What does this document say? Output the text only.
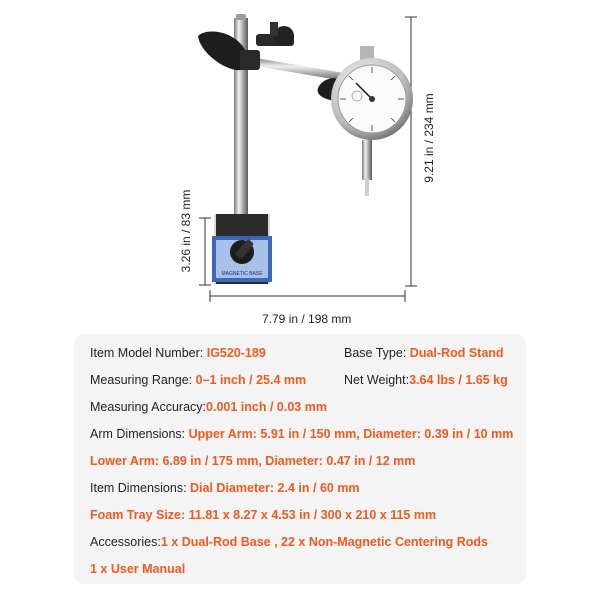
MAGNETIC BASE
7.79 in / 198 mm
9.21 in / 234 mm
3.26 in / 83 mm
Item Model Number: IG520-189	Base Type: Dual-Rod Stand
Measuring Range: 0–1 inch / 25.4 mm	Net Weight:3.64 lbs / 1.65 kg
Measuring Accuracy:0.001 inch / 0.03 mm
Arm Dimensions: Upper Arm: 5.91 in / 150 mm, Diameter: 0.39 in / 10 mm
Lower Arm: 6.89 in / 175 mm, Diameter: 0.47 in / 12 mm
Item Dimensions: Dial Diameter: 2.4 in / 60 mm
Foam Tray Size: 11.81 x 8.27 x 4.53 in / 300 x 210 x 115 mm
Accessories:1 x Dual-Rod Base , 22 x Non-Magnetic Centering Rods
1 x User Manual
